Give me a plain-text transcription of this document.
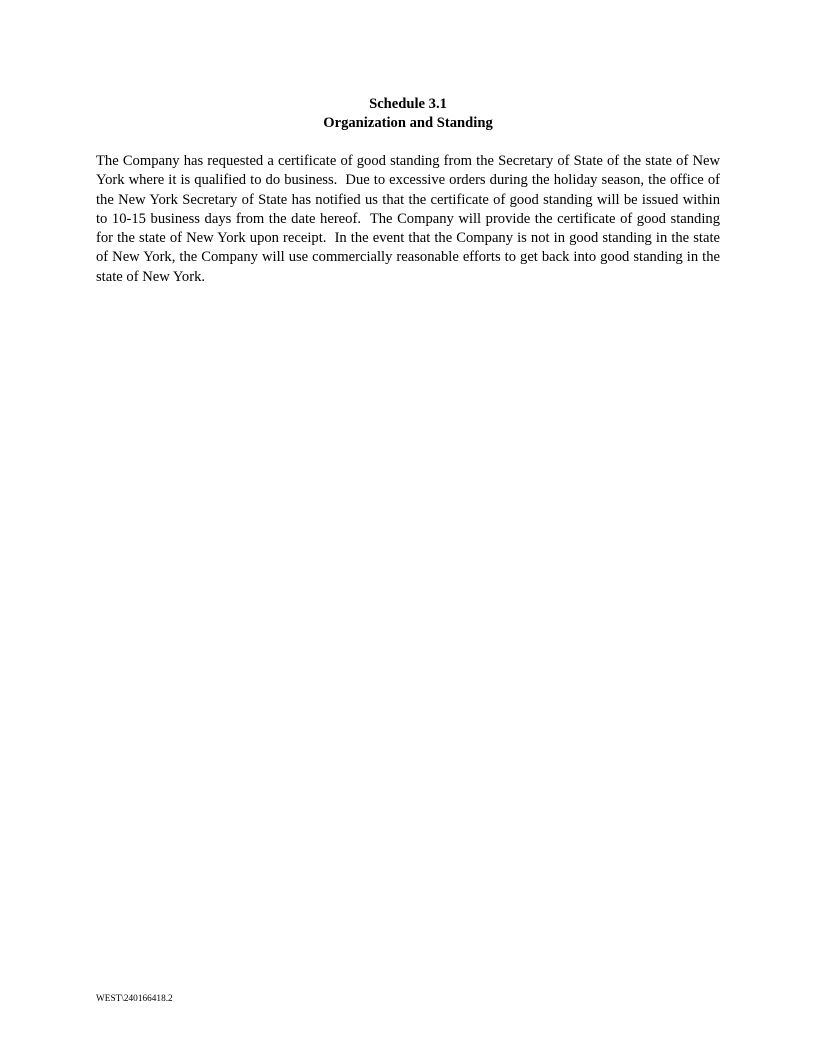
Schedule 3.1
Organization and Standing

The Company has requested a certificate of good standing from the Secretary of State of the state of New York where it is qualified to do business.  Due to excessive orders during the holiday season, the office of the New York Secretary of State has notified us that the certificate of good standing will be issued within to 10-15 business days from the date hereof.  The Company will provide the certificate of good standing for the state of New York upon receipt.  In the event that the Company is not in good standing in the state of New York, the Company will use commercially reasonable efforts to get back into good standing in the state of New York.

WEST\240166418.2
